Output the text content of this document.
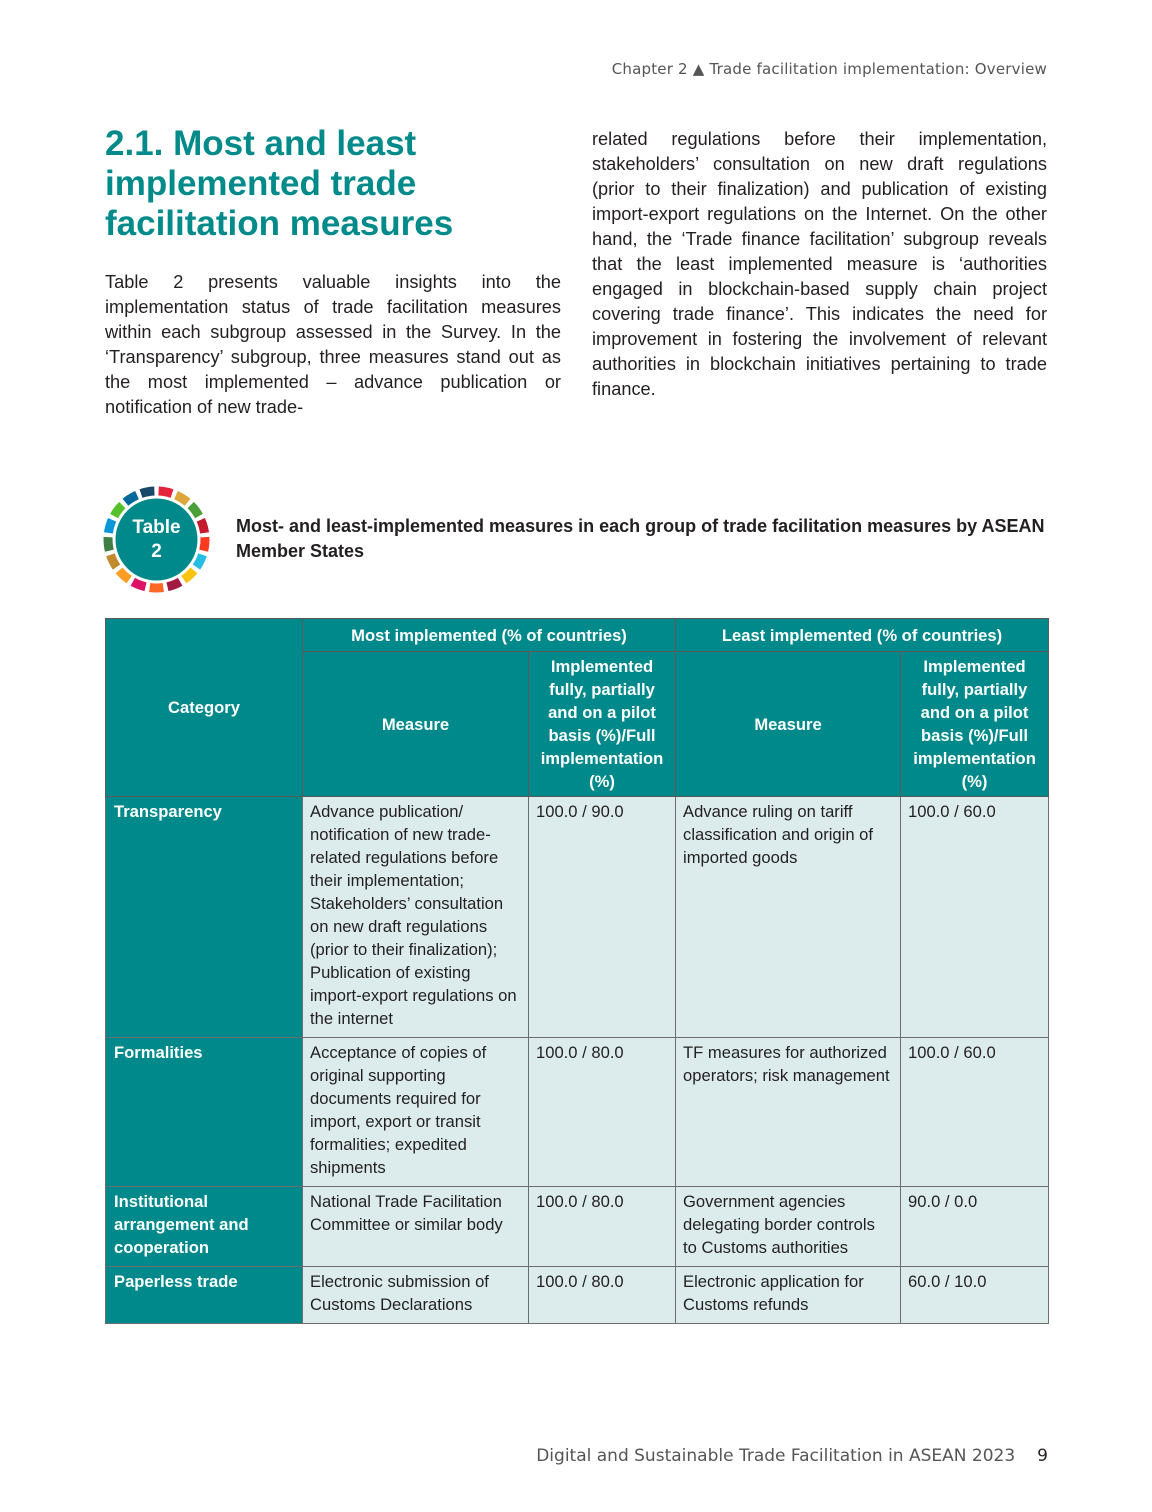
Chapter 2 ▲ Trade facilitation implementation: Overview
2.1. Most and least implemented trade facilitation measures

Table 2 presents valuable insights into the implementation status of trade facilitation measures within each subgroup assessed in the Survey. In the ‘Transparency’ subgroup, three measures stand out as the most implemented – advance publication or notification of new trade-

related regulations before their implementation, stakeholders’ consultation on new draft regulations (prior to their finalization) and publication of existing import-export regulations on the Internet. On the other hand, the ‘Trade finance facilitation’ subgroup reveals that the least implemented measure is ‘authorities engaged in blockchain-based supply chain project covering trade finance’. This indicates the need for improvement in fostering the involvement of relevant authorities in blockchain initiatives pertaining to trade finance.

Table
2
Most- and least-implemented measures in each group of trade facilitation measures by ASEAN Member States
Category	Most implemented (% of countries)		Least implemented (% of countries)	
	Measure	Implemented fully, partially and on a pilot basis (%)/Full implementation (%)	Measure	Implemented fully, partially and on a pilot basis (%)/Full implementation (%)
Transparency	Advance publication/ notification of new trade-related regulations before their implementation; Stakeholders’ consultation on new draft regulations (prior to their finalization); Publication of existing import-export regulations on the internet	100.0 / 90.0	Advance ruling on tariff classification and origin of imported goods	100.0 / 60.0
Formalities	Acceptance of copies of original supporting documents required for import, export or transit formalities; expedited shipments	100.0 / 80.0	TF measures for authorized operators; risk management	100.0 / 60.0
Institutional arrangement and cooperation	National Trade Facilitation Committee or similar body	100.0 / 80.0	Government agencies delegating border controls to Customs authorities	90.0 / 0.0
Paperless trade	Electronic submission of Customs Declarations	100.0 / 80.0	Electronic application for Customs refunds	60.0 / 10.0
Digital and Sustainable Trade Facilitation in ASEAN 2023 9
